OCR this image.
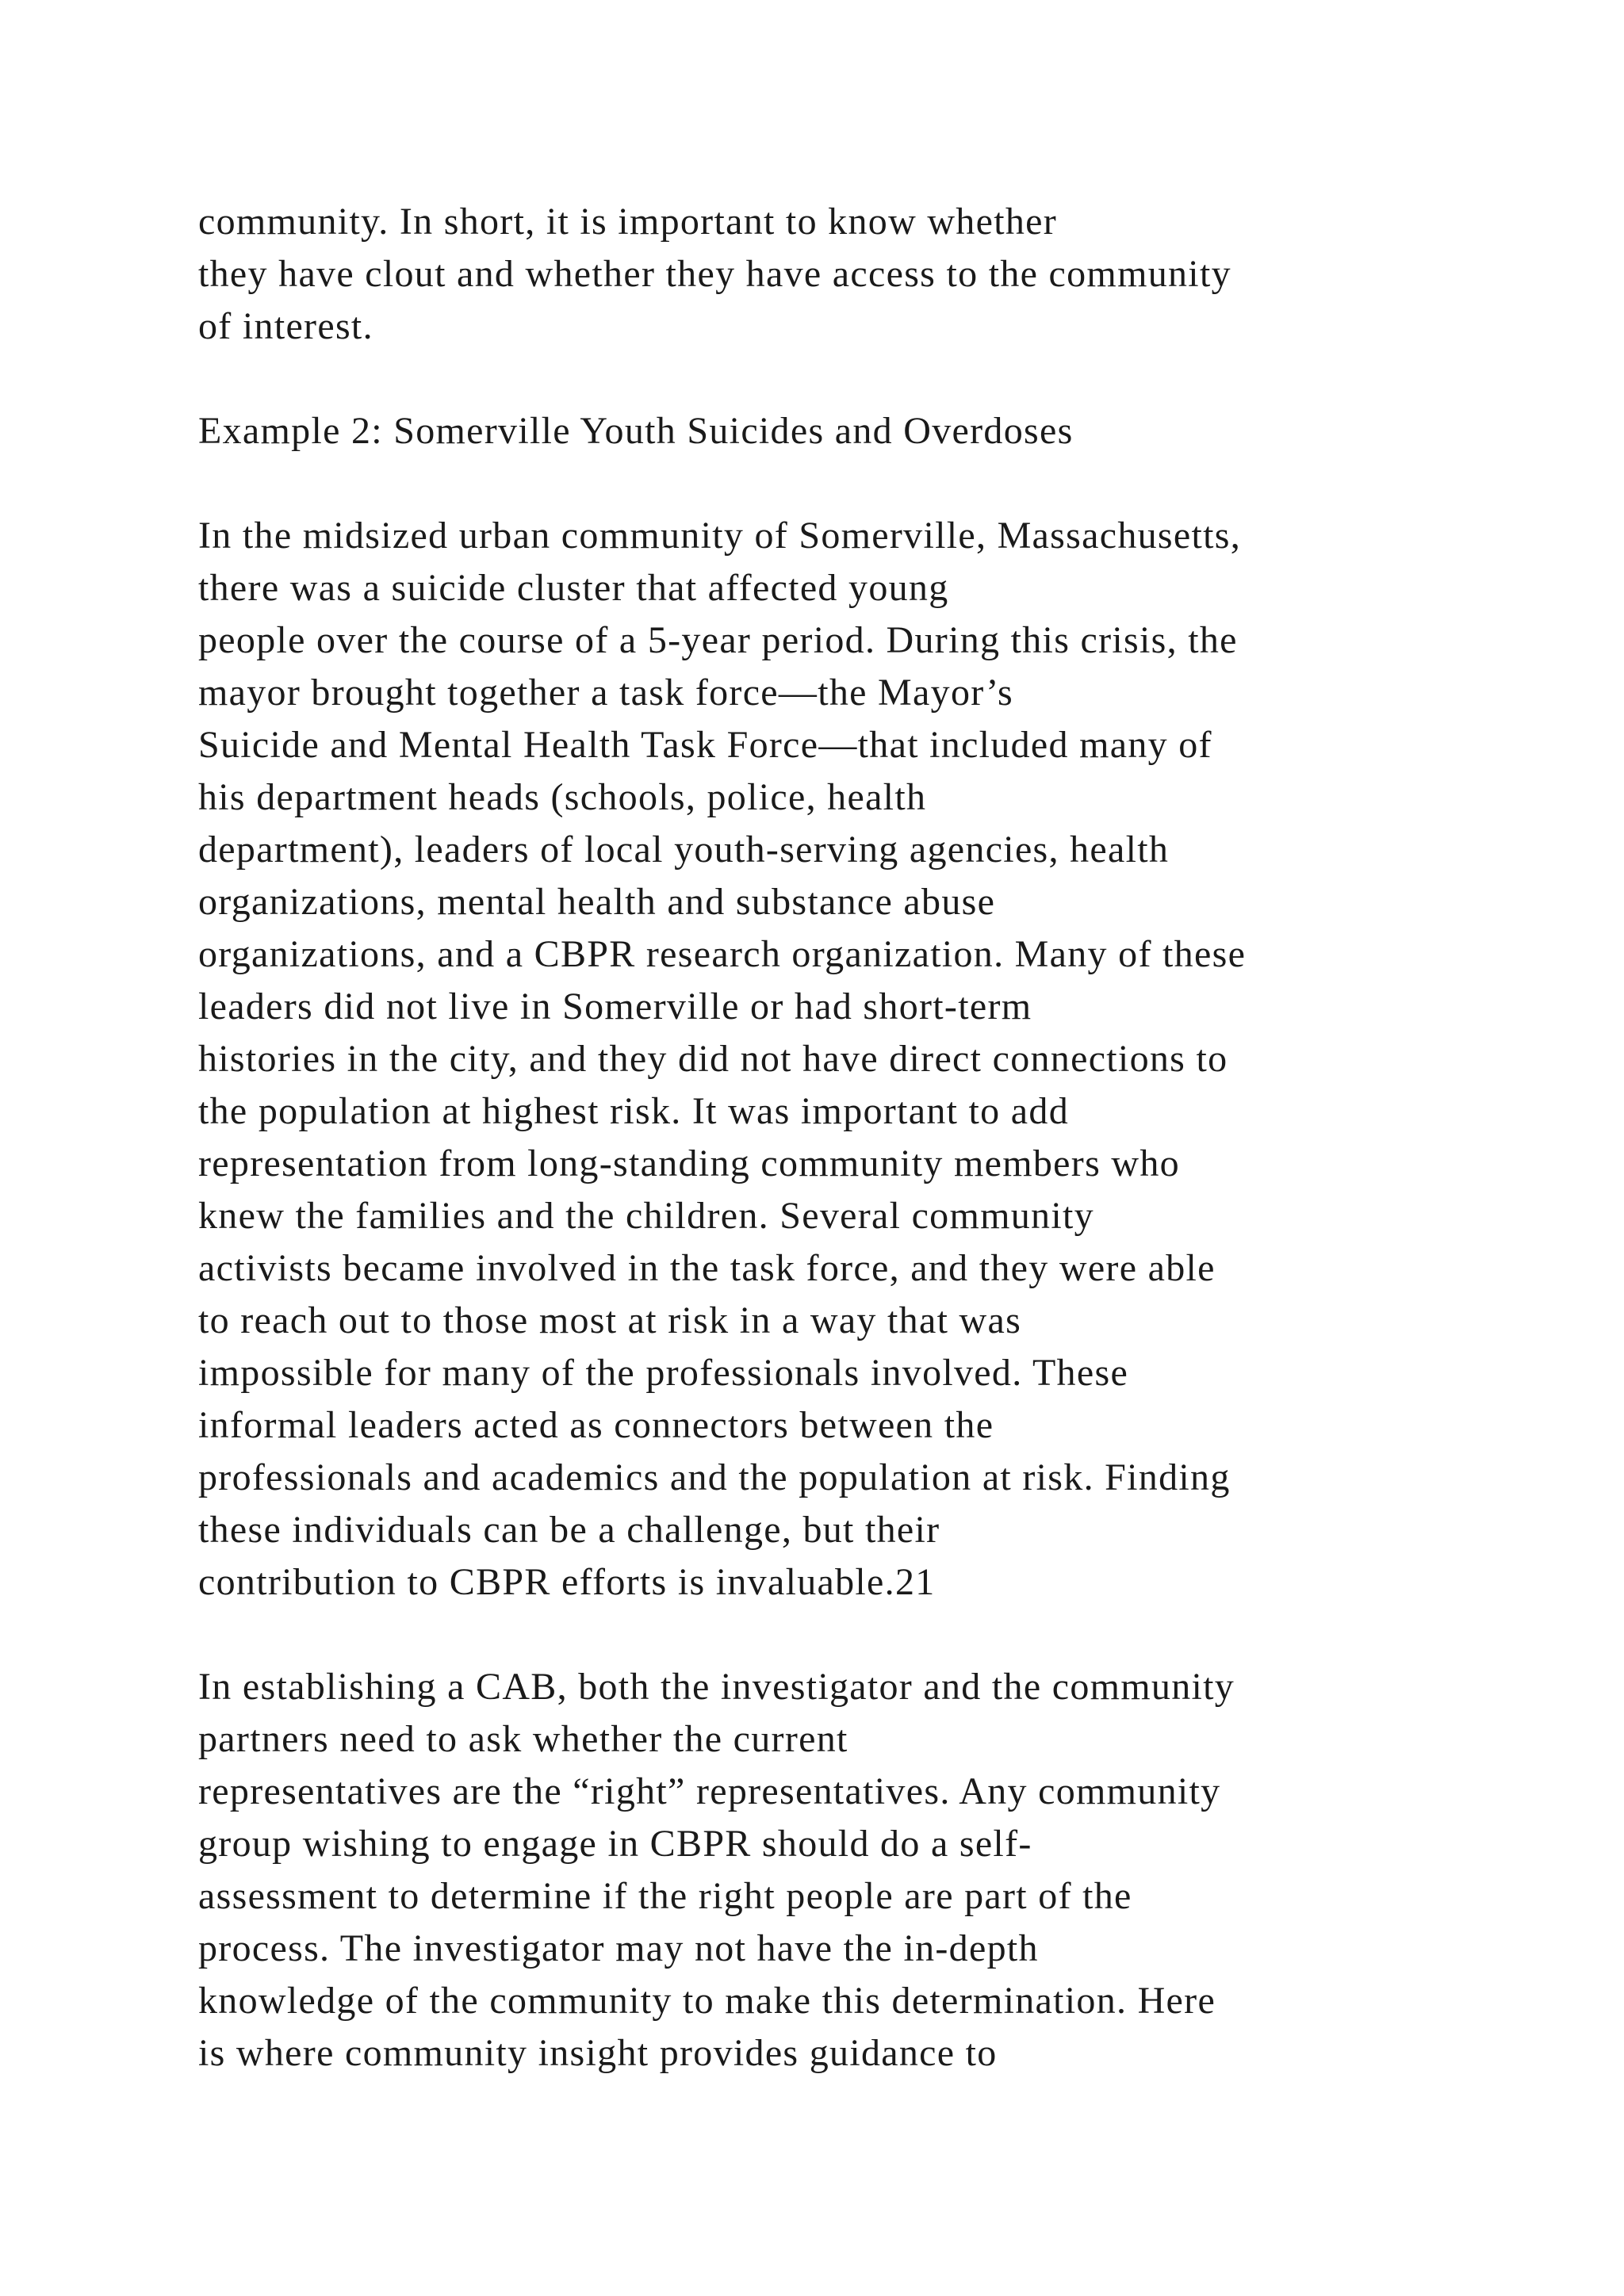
community. In short, it is important to know whether
they have clout and whether they have access to the community
of interest.
Example 2: Somerville Youth Suicides and Overdoses
In the midsized urban community of Somerville, Massachusetts,
there was a suicide cluster that affected young
people over the course of a 5-year period. During this crisis, the
mayor brought together a task force—the Mayor’s
Suicide and Mental Health Task Force—that included many of
his department heads (schools, police, health
department), leaders of local youth-serving agencies, health
organizations, mental health and substance abuse
organizations, and a CBPR research organization. Many of these
leaders did not live in Somerville or had short-term
histories in the city, and they did not have direct connections to
the population at highest risk. It was important to add
representation from long-standing community members who
knew the families and the children. Several community
activists became involved in the task force, and they were able
to reach out to those most at risk in a way that was
impossible for many of the professionals involved. These
informal leaders acted as connectors between the
professionals and academics and the population at risk. Finding
these individuals can be a challenge, but their
contribution to CBPR efforts is invaluable.21
In establishing a CAB, both the investigator and the community
partners need to ask whether the current
representatives are the “right” representatives. Any community
group wishing to engage in CBPR should do a self-
assessment to determine if the right people are part of the
process. The investigator may not have the in-depth
knowledge of the community to make this determination. Here
is where community insight provides guidance to
